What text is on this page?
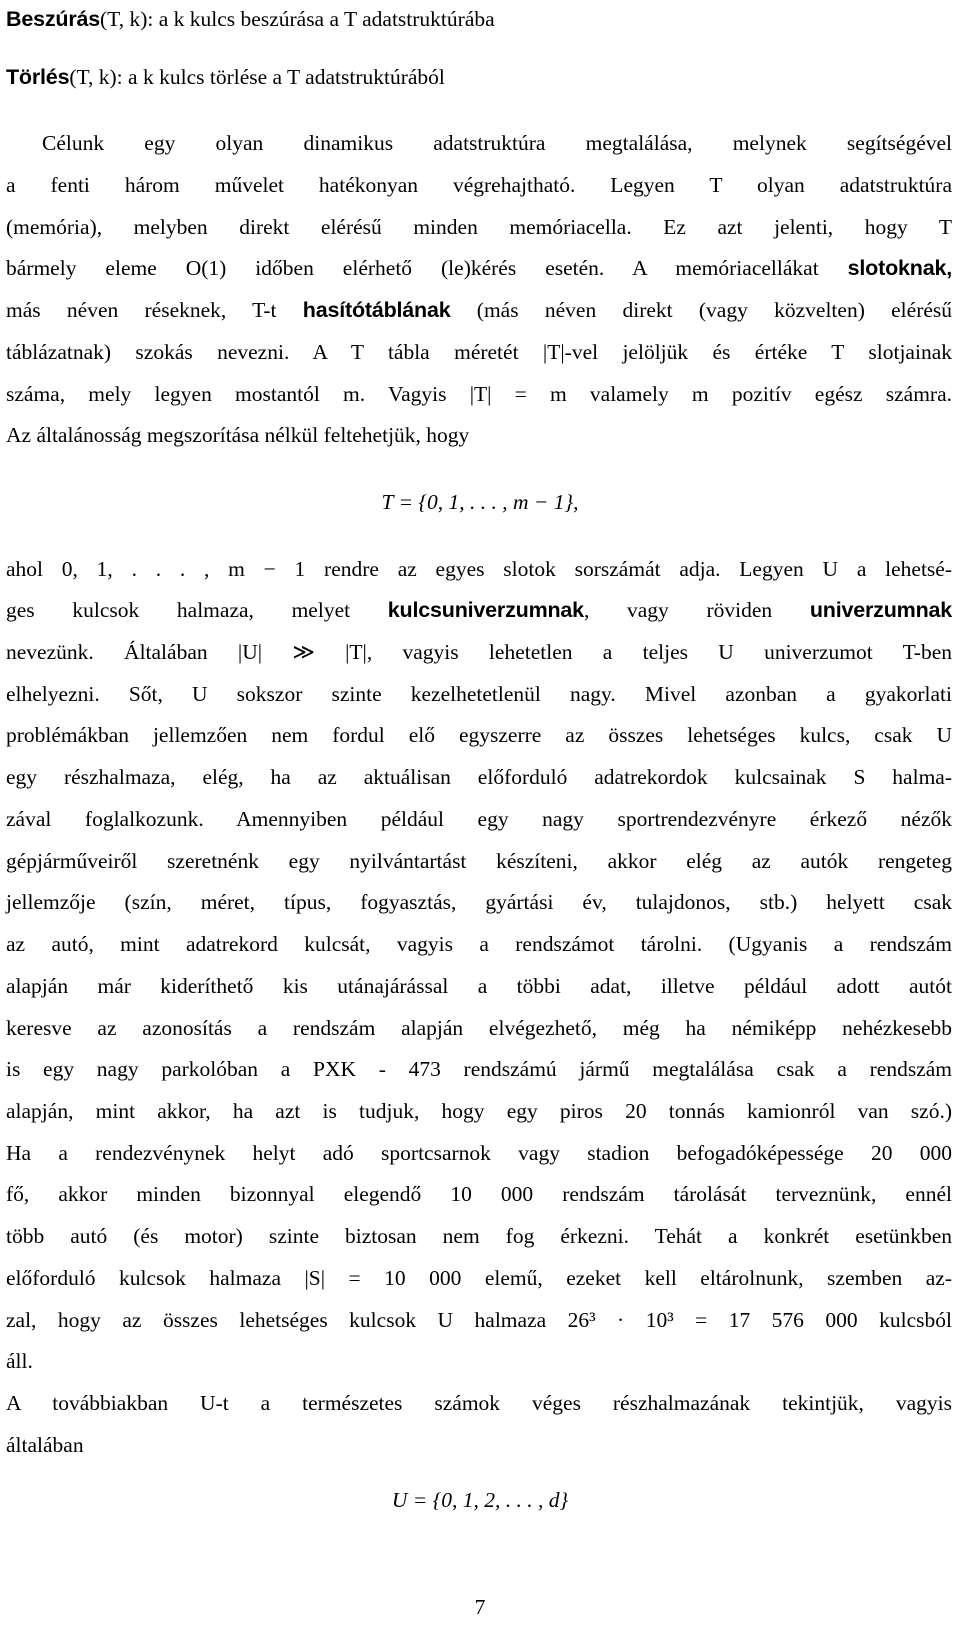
Beszúrás(T, k): a k kulcs beszúrása a T adatstruktúrába
Törlés(T, k): a k kulcs törlése a T adatstruktúrából
Célunk egy olyan dinamikus adatstruktúra megtalálása, melynek segítségével
a fenti három művelet hatékonyan végrehajtható. Legyen T olyan adatstruktúra
(memória), melyben direkt elérésű minden memóriacella. Ez azt jelenti, hogy T
bármely eleme O(1) időben elérhető (le)kérés esetén. A memóriacellákat slotoknak,
más néven réseknek, T-t hasítótáblának (más néven direkt (vagy közvelten) elérésű
táblázatnak) szokás nevezni. A T tábla méretét |T|-vel jelöljük és értéke T slotjainak
száma, mely legyen mostantól m. Vagyis |T| = m valamely m pozitív egész számra.
Az általánosság megszorítása nélkül feltehetjük, hogy
T = {0, 1, . . . , m − 1},
ahol 0, 1, . . . , m − 1 rendre az egyes slotok sorszámát adja. Legyen U a lehetsé-
ges kulcsok halmaza, melyet kulcsuniverzumnak, vagy röviden univerzumnak
nevezünk. Általában |U| ≫ |T|, vagyis lehetetlen a teljes U univerzumot T-ben
elhelyezni. Sőt, U sokszor szinte kezelhetetlenül nagy. Mivel azonban a gyakorlati
problémákban jellemzően nem fordul elő egyszerre az összes lehetséges kulcs, csak U
egy részhalmaza, elég, ha az aktuálisan előforduló adatrekordok kulcsainak S halma-
zával foglalkozunk. Amennyiben például egy nagy sportrendezvényre érkező nézők
gépjárműveiről szeretnénk egy nyilvántartást készíteni, akkor elég az autók rengeteg
jellemzője (szín, méret, típus, fogyasztás, gyártási év, tulajdonos, stb.) helyett csak
az autó, mint adatrekord kulcsát, vagyis a rendszámot tárolni. (Ugyanis a rendszám
alapján már kideríthető kis utánajárással a többi adat, illetve például adott autót
keresve az azonosítás a rendszám alapján elvégezhető, még ha némiképp nehézkesebb
is egy nagy parkolóban a PXK - 473 rendszámú jármű megtalálása csak a rendszám
alapján, mint akkor, ha azt is tudjuk, hogy egy piros 20 tonnás kamionról van szó.)
Ha a rendezvénynek helyt adó sportcsarnok vagy stadion befogadóképessége 20 000
fő, akkor minden bizonnyal elegendő 10 000 rendszám tárolását terveznünk, ennél
több autó (és motor) szinte biztosan nem fog érkezni. Tehát a konkrét esetünkben
előforduló kulcsok halmaza |S| = 10 000 elemű, ezeket kell eltárolnunk, szemben az-
zal, hogy az összes lehetséges kulcsok U halmaza 26³ · 10³ = 17 576 000 kulcsból
áll.
A továbbiakban U-t a természetes számok véges részhalmazának tekintjük, vagyis
általában
U = {0, 1, 2, . . . , d}
7
